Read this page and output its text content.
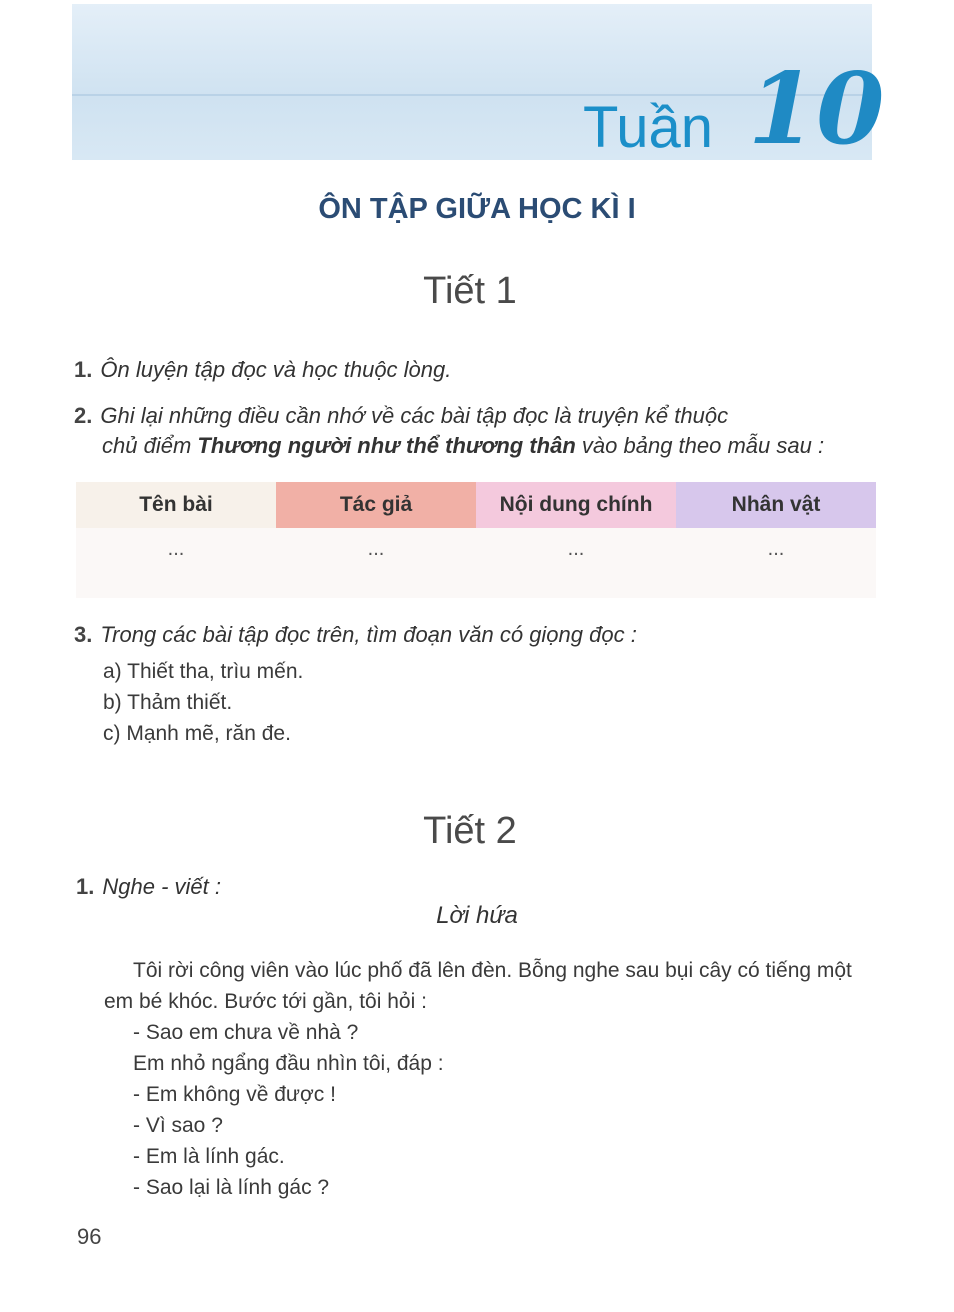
Tuần 10
ÔN TẬP GIỮA HỌC KÌ I
Tiết 1
1. Ôn luyện tập đọc và học thuộc lòng.
2. Ghi lại những điều cần nhớ về các bài tập đọc là truyện kể thuộc
chủ điểm Thương người như thể thương thân vào bảng theo mẫu sau :
Tên bài	Tác giả	Nội dung chính	Nhân vật
...	...	...	...
3. Trong các bài tập đọc trên, tìm đoạn văn có giọng đọc :
a) Thiết tha, trìu mến.
b) Thảm thiết.
c) Mạnh mẽ, răn đe.
Tiết 2
1. Nghe - viết :
Lời hứa
Tôi rời công viên vào lúc phố đã lên đèn. Bỗng nghe sau bụi cây có tiếng một em bé khóc. Bước tới gần, tôi hỏi :
- Sao em chưa về nhà ?
Em nhỏ ngẩng đầu nhìn tôi, đáp :
- Em không về được !
- Vì sao ?
- Em là lính gác.
- Sao lại là lính gác ?
96
